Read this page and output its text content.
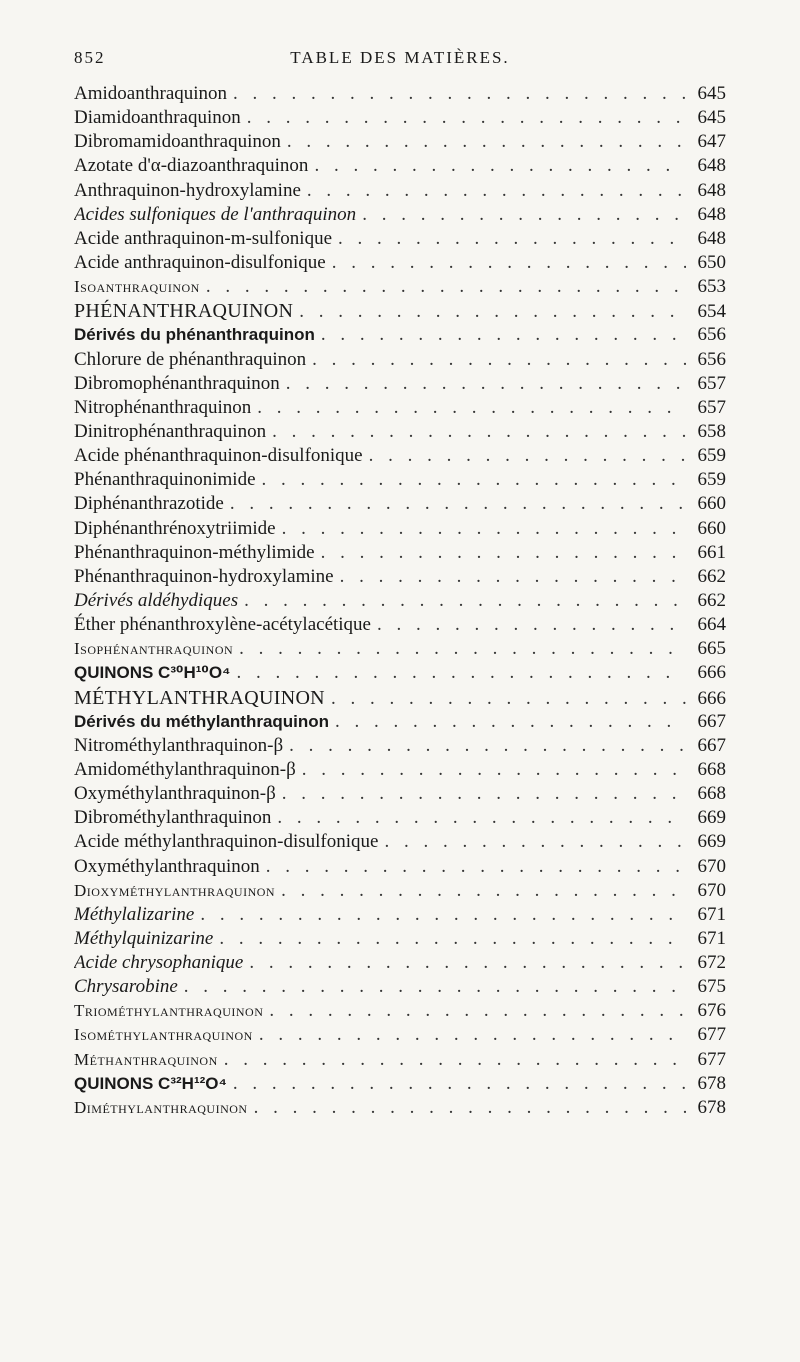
852	TABLE DES MATIÈRES.
Amidoanthraquinon . . .	645
Diamidoanthraquinon . . .	645
Dibromamidoanthraquinon . . .	647
Azotate d'α-diazoanthraquinon . . .	648
Anthraquinon-hydroxylamine . . .	648
Acides sulfoniques de l'anthraquinon . . .	648
Acide anthraquinon-m-sulfonique . . .	648
Acide anthraquinon-disulfonique . . .	650
Isoanthraquinon . . .	653
PHÉNANTHRAQUINON . . .	654
Dérivés du phénanthraquinon . . .	656
Chlorure de phénanthraquinon . . .	656
Dibromophénanthraquinon . . .	657
Nitrophénanthraquinon . . .	657
Dinitrophénanthraquinon . . .	658
Acide phénanthraquinon-disulfonique . . .	659
Phénanthraquinonimide . . .	659
Diphénanthrazotide . . .	660
Diphénanthrénoxytriimide . . .	660
Phénanthraquinon-méthylimide . . .	661
Phénanthraquinon-hydroxylamine . . .	662
Dérivés aldéhydiques . . .	662
Éther phénanthroxylène-acétylacétique . . .	664
Isophénanthraquinon . . .	665
QUINONS C³⁰H¹⁰O⁴ . . .	666
MÉTHYLANTHRAQUINON . . .	666
Dérivés du méthylanthraquinon . . .	667
Nitrométhylanthraquinon-β . . .	667
Amidométhylanthraquinon-β . . .	668
Oxyméthylanthraquinon-β . . .	668
Dibrométhylanthraquinon . . .	669
Acide méthylanthraquinon-disulfonique . . .	669
Oxyméthylanthraquinon . . .	670
Dioxyméthylanthraquinon . . .	670
Méthylalizarine . . .	671
Méthylquinizarine . . .	671
Acide chrysophanique . . .	672
Chrysarobine . . .	675
Triométhylanthraquinon . . .	676
Isométhylanthraquinon . . .	677
Méthanthraquinon . . .	677
QUINONS C³²H¹²O⁴ . . .	678
Diméthylanthraquinon . . .	678
